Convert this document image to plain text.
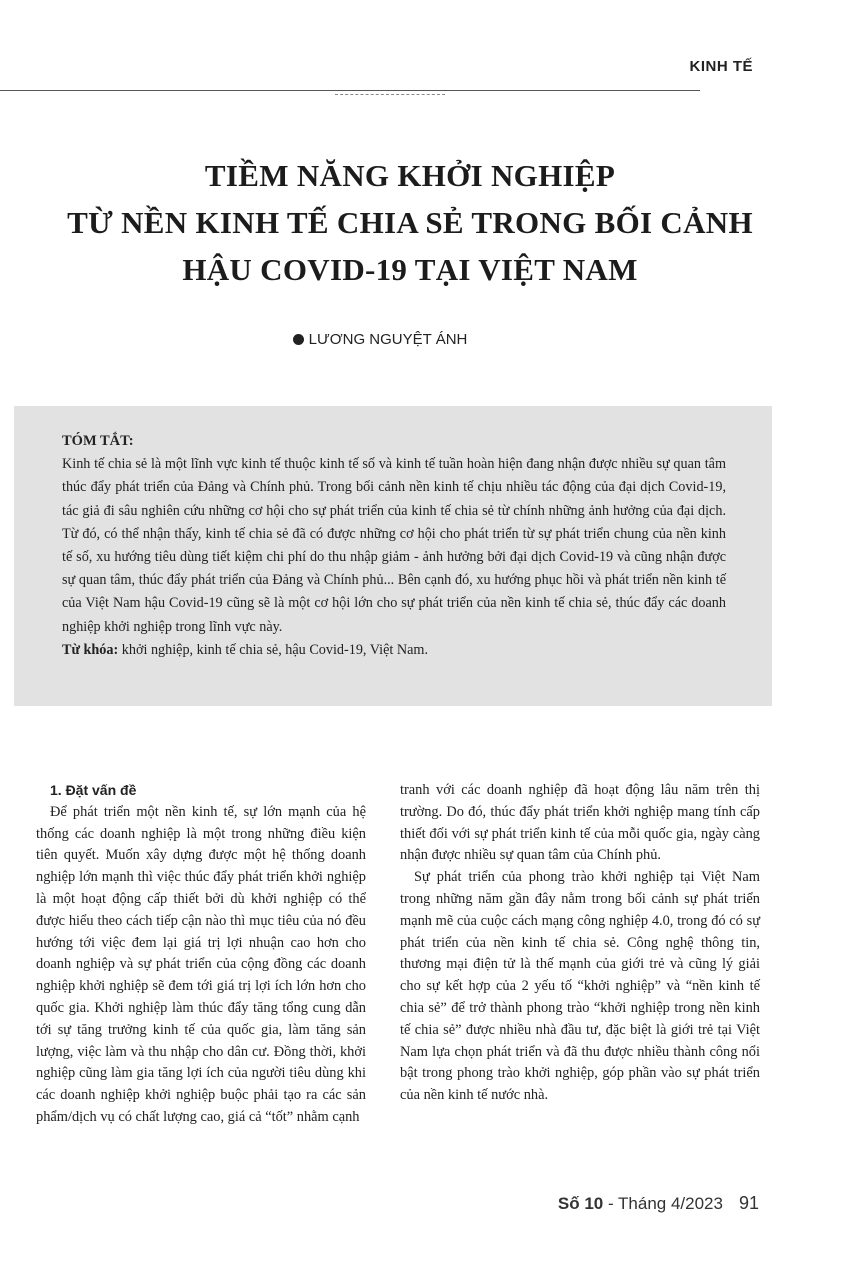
KINH TẾ
TIỀM NĂNG KHỞI NGHIỆP
TỪ NỀN KINH TẾ CHIA SẺ TRONG BỐI CẢNH
HẬU COVID-19 TẠI VIỆT NAM
LƯƠNG NGUYỆT ÁNH
TÓM TẮT:

Kinh tế chia sẻ là một lĩnh vực kinh tế thuộc kinh tế số và kinh tế tuần hoàn hiện đang nhận được nhiều sự quan tâm thúc đẩy phát triển của Đảng và Chính phủ. Trong bối cảnh nền kinh tế chịu nhiều tác động của đại dịch Covid-19, tác giả đi sâu nghiên cứu những cơ hội cho sự phát triển của kinh tế chia sẻ từ chính những ảnh hưởng của đại dịch. Từ đó, có thể nhận thấy, kinh tế chia sẻ đã có được những cơ hội cho phát triển từ sự phát triển chung của nền kinh tế số, xu hướng tiêu dùng tiết kiệm chi phí do thu nhập giảm - ảnh hưởng bởi đại dịch Covid-19 và cũng nhận được sự quan tâm, thúc đẩy phát triển của Đảng và Chính phủ... Bên cạnh đó, xu hướng phục hồi và phát triển nền kinh tế của Việt Nam hậu Covid-19 cũng sẽ là một cơ hội lớn cho sự phát triển của nền kinh tế chia sẻ, thúc đẩy các doanh nghiệp khởi nghiệp trong lĩnh vực này.

Từ khóa: khởi nghiệp, kinh tế chia sẻ, hậu Covid-19, Việt Nam.

1. Đặt vấn đề

Để phát triển một nền kinh tế, sự lớn mạnh của hệ thống các doanh nghiệp là một trong những điều kiện tiên quyết. Muốn xây dựng được một hệ thống doanh nghiệp lớn mạnh thì việc thúc đẩy phát triển khởi nghiệp là một hoạt động cấp thiết bởi dù khởi nghiệp có thể được hiểu theo cách tiếp cận nào thì mục tiêu của nó đều hướng tới việc đem lại giá trị lợi nhuận cao hơn cho doanh nghiệp và sự phát triển của cộng đồng các doanh nghiệp khởi nghiệp sẽ đem tới giá trị lợi ích lớn hơn cho quốc gia. Khởi nghiệp làm thúc đẩy tăng tổng cung dẫn tới sự tăng trưởng kinh tế của quốc gia, làm tăng sản lượng, việc làm và thu nhập cho dân cư. Đồng thời, khởi nghiệp cũng làm gia tăng lợi ích của người tiêu dùng khi các doanh nghiệp khởi nghiệp buộc phải tạo ra các sản phẩm/dịch vụ có chất lượng cao, giá cả “tốt” nhằm cạnh

tranh với các doanh nghiệp đã hoạt động lâu năm trên thị trường. Do đó, thúc đẩy phát triển khởi nghiệp mang tính cấp thiết đối với sự phát triển kinh tế của mỗi quốc gia, ngày càng nhận được nhiều sự quan tâm của Chính phủ.

Sự phát triển của phong trào khởi nghiệp tại Việt Nam trong những năm gần đây nằm trong bối cảnh sự phát triển mạnh mẽ của cuộc cách mạng công nghiệp 4.0, trong đó có sự phát triển của nền kinh tế chia sẻ. Công nghệ thông tin, thương mại điện tử là thế mạnh của giới trẻ và cũng lý giải cho sự kết hợp của 2 yếu tố “khởi nghiệp” và “nền kinh tế chia sẻ” để trở thành phong trào “khởi nghiệp trong nền kinh tế chia sẻ” được nhiều nhà đầu tư, đặc biệt là giới trẻ tại Việt Nam lựa chọn phát triển và đã thu được nhiều thành công nổi bật trong phong trào khởi nghiệp, góp phần vào sự phát triển của nền kinh tế nước nhà.

Số 10 - Tháng 4/2023 91
